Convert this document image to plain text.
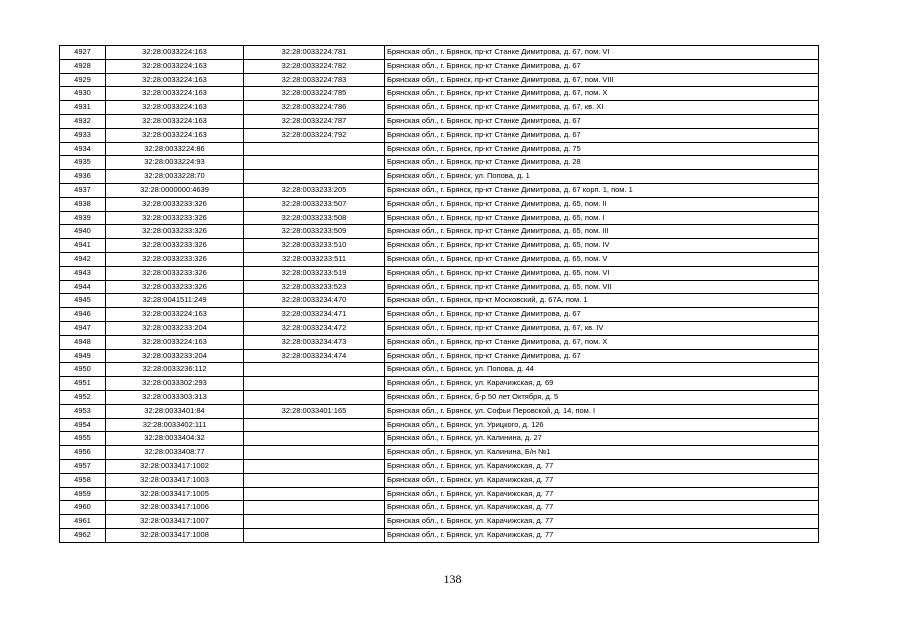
4927	32:28:0033224:163	32:28:0033224:781	Брянская обл., г. Брянск, пр-кт Станке Димитрова, д. 67, пом. VI
4928	32:28:0033224:163	32:28:0033224:782	Брянская обл., г. Брянск, пр-кт Станке Димитрова, д. 67
4929	32:28:0033224:163	32:28:0033224:783	Брянская обл., г. Брянск, пр-кт Станке Димитрова, д. 67, пом. VIII
4930	32:28:0033224:163	32:28:0033224:785	Брянская обл., г. Брянск, пр-кт Станке Димитрова, д. 67, пом. X
4931	32:28:0033224:163	32:28:0033224:786	Брянская обл., г. Брянск, пр-кт Станке Димитрова, д. 67, кв. XI
4932	32:28:0033224:163	32:28:0033224:787	Брянская обл., г. Брянск, пр-кт Станке Димитрова, д. 67
4933	32:28:0033224:163	32:28:0033224:792	Брянская обл., г. Брянск, пр-кт Станке Димитрова, д. 67
4934	32:28:0033224:86		Брянская обл., г. Брянск, пр-кт Станке Димитрова, д. 75
4935	32:28:0033224:93		Брянская обл., г. Брянск, пр-кт Станке Димитрова, д. 28
4936	32:28:0033228:70		Брянская обл., г. Брянск, ул. Попова, д. 1
4937	32:28:0000000:4639	32:28:0033233:205	Брянская обл., г. Брянск, пр-кт Станке Димитрова, д. 67 корп. 1, пом. 1
4938	32:28:0033233:326	32:28:0033233:507	Брянская обл., г. Брянск, пр-кт Станке Димитрова, д. 65, пом. II
4939	32:28:0033233:326	32:28:0033233:508	Брянская обл., г. Брянск, пр-кт Станке Димитрова, д. 65, пом. I
4940	32:28:0033233:326	32:28:0033233:509	Брянская обл., г. Брянск, пр-кт Станке Димитрова, д. 65, пом. III
4941	32:28:0033233:326	32:28:0033233:510	Брянская обл., г. Брянск, пр-кт Станке Димитрова, д. 65, пом. IV
4942	32:28:0033233:326	32:28:0033233:511	Брянская обл., г. Брянск, пр-кт Станке Димитрова, д. 65, пом. V
4943	32:28:0033233:326	32:28:0033233:519	Брянская обл., г. Брянск, пр-кт Станке Димитрова, д. 65, пом. VI
4944	32:28:0033233:326	32:28:0033233:523	Брянская обл., г. Брянск, пр-кт Станке Димитрова, д. 65, пом. VII
4945	32:28:0041511:249	32:28:0033234:470	Брянская обл., г. Брянск, пр-кт Московский, д. 67А, пом. 1
4946	32:28:0033224:163	32:28:0033234:471	Брянская обл., г. Брянск, пр-кт Станке Димитрова, д. 67
4947	32:28:0033233:204	32:28:0033234:472	Брянская обл., г. Брянск, пр-кт Станке Димитрова, д. 67, кв. IV
4948	32:28:0033224:163	32:28:0033234:473	Брянская обл., г. Брянск, пр-кт Станке Димитрова, д. 67, пом. X
4949	32:28:0033233:204	32:28:0033234:474	Брянская обл., г. Брянск, пр-кт Станке Димитрова, д. 67
4950	32:28:0033236:112		Брянская обл., г. Брянск, ул. Попова, д. 44
4951	32:28:0033302:293		Брянская обл., г. Брянск, ул. Карачижская, д. 69
4952	32:28:0033303:313		Брянская обл., г. Брянск, б-р 50 лет Октября, д. 5
4953	32:28:0033401:84	32:28:0033401:165	Брянская обл., г. Брянск, ул. Софьи Перовской, д. 14, пом. I
4954	32:28:0033402:111		Брянская обл., г. Брянск, ул. Урицкого, д. 126
4955	32:28:0033404:32		Брянская обл., г. Брянск, ул. Калинина, д. 27
4956	32:28:0033408:77		Брянская обл., г. Брянск, ул. Калинина, Б/н №1
4957	32:28:0033417:1002		Брянская обл., г. Брянск, ул. Карачижская, д. 77
4958	32:28:0033417:1003		Брянская обл., г. Брянск, ул. Карачижская, д. 77
4959	32:28:0033417:1005		Брянская обл., г. Брянск, ул. Карачижская, д. 77
4960	32:28:0033417:1006		Брянская обл., г. Брянск, ул. Карачижская, д. 77
4961	32:28:0033417:1007		Брянская обл., г. Брянск, ул. Карачижская, д. 77
4962	32:28:0033417:1008		Брянская обл., г. Брянск, ул. Карачижская, д. 77
138
